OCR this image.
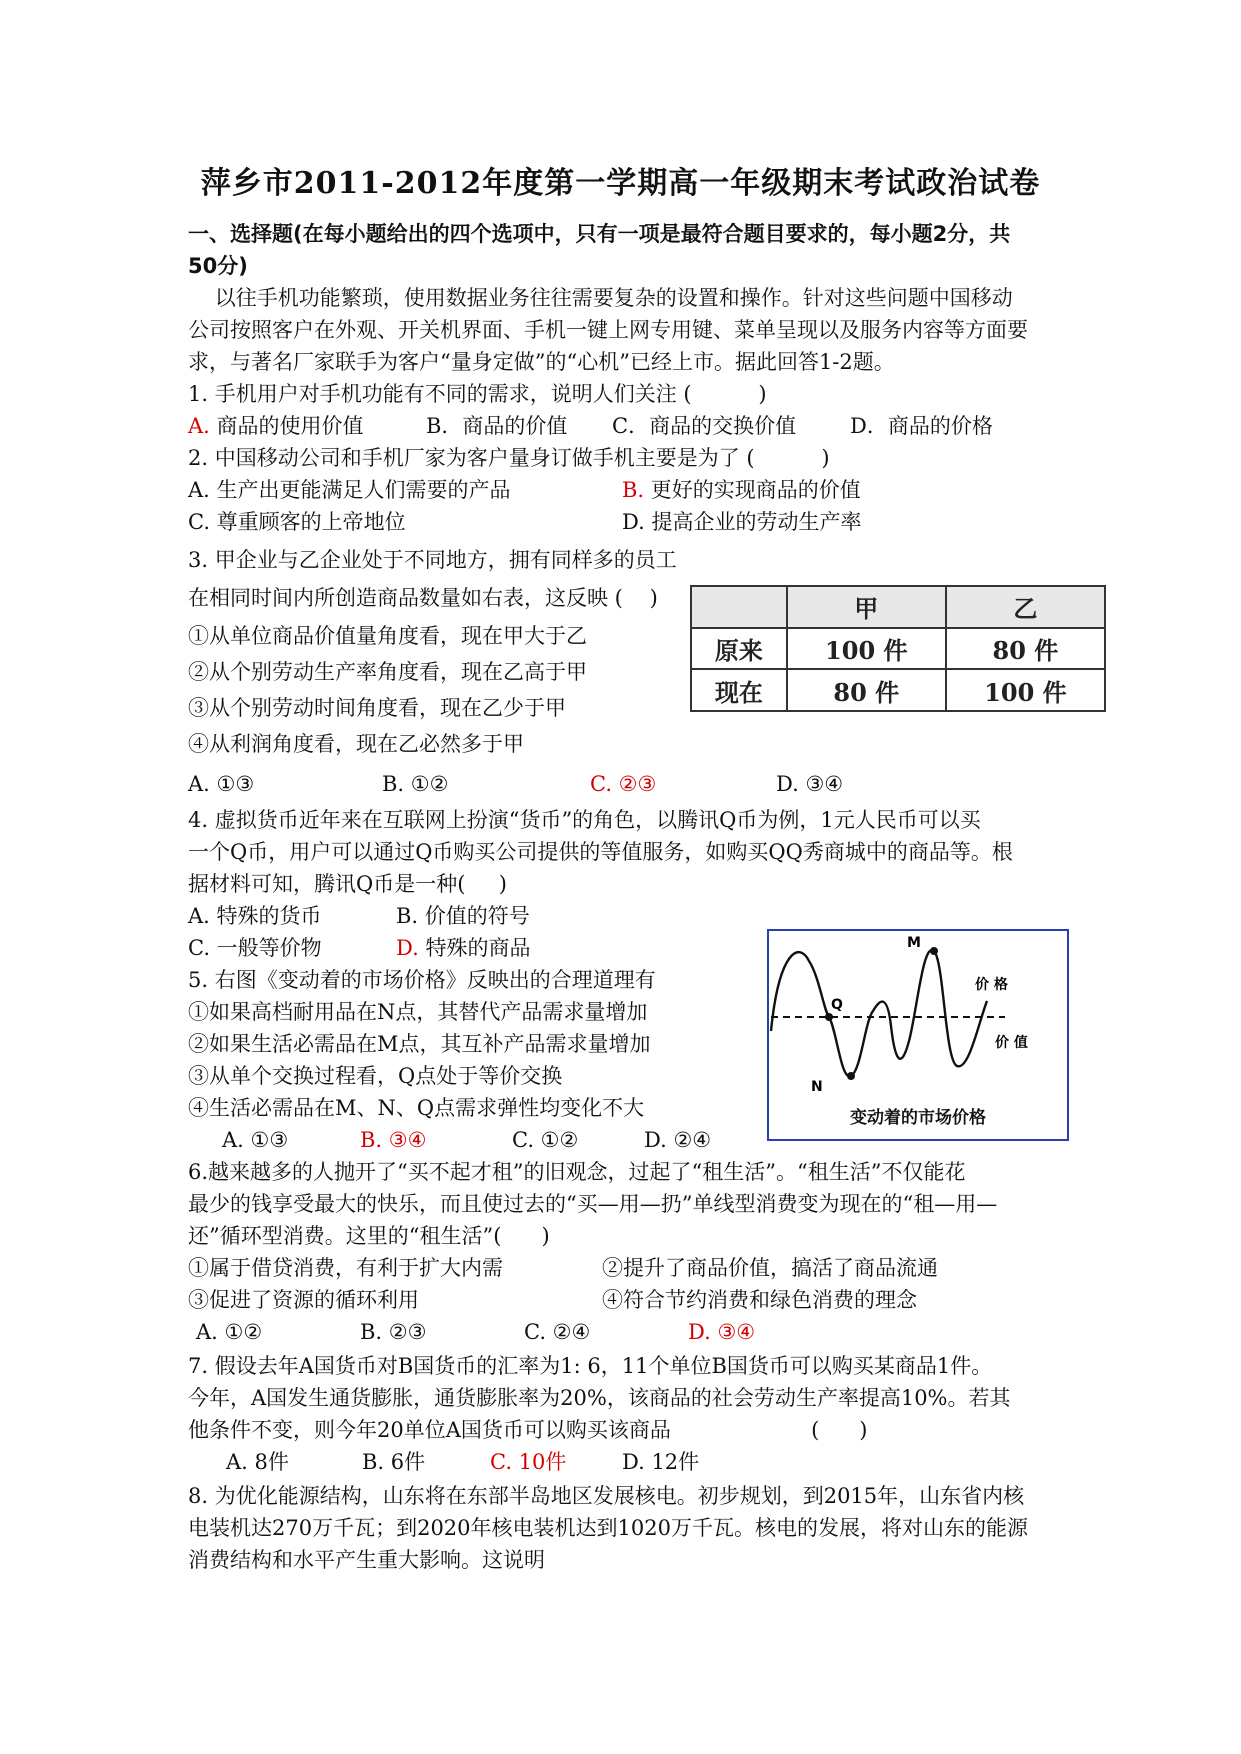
萍乡市2011-2012年度第一学期高一年级期末考试政治试卷
一、选择题(在每小题给出的四个选项中，只有一项是最符合题目要求的，每小题2分，共
50分)
以往手机功能繁琐，使用数据业务往往需要复杂的设置和操作。针对这些问题中国移动
公司按照客户在外观、开关机界面、手机一键上网专用键、菜单呈现以及服务内容等方面要
求，与著名厂家联手为客户“量身定做”的“心机”已经上市。据此回答1-2题。
1. 手机用户对手机功能有不同的需求，说明人们关注 (          )
A. 商品的使用价值	B．商品的价值 C．商品的交换价值	D．商品的价格
2. 中国移动公司和手机厂家为客户量身订做手机主要是为了 (          )
A. 生产出更能满足人们需要的产品	B. 更好的实现商品的价值
C. 尊重顾客的上帝地位	D. 提高企业的劳动生产率
3. 甲企业与乙企业处于不同地方，拥有同样多的员工
在相同时间内所创造商品数量如右表，这反映 (    )
①从单位商品价值量角度看，现在甲大于乙
②从个别劳动生产率角度看，现在乙高于甲
③从个别劳动时间角度看，现在乙少于甲
④从利润角度看，现在乙必然多于甲
A. ①③	B. ①②	C. ②③	D. ③④
	甲	乙
原来	100 件	80 件
现在	80 件	100 件
4. 虚拟货币近年来在互联网上扮演“货币”的角色，以腾讯Q币为例，1元人民币可以买
一个Q币，用户可以通过Q币购买公司提供的等值服务，如购买QQ秀商城中的商品等。根
据材料可知，腾讯Q币是一种(     )
A. 特殊的货币	B. 价值的符号
C. 一般等价物	D. 特殊的商品
5. 右图《变动着的市场价格》反映出的合理道理有
①如果高档耐用品在N点，其替代产品需求量增加
②如果生活必需品在M点，其互补产品需求量增加
③从单个交换过程看，Q点处于等价交换
④生活必需品在M、N、Q点需求弹性均变化不大
A. ①③	B. ③④	C. ①②	D. ②④
Q
N
M
价 格
价 值
变动着的市场价格
6.越来越多的人抛开了“买不起才租”的旧观念，过起了“租生活”。“租生活”不仅能花
最少的钱享受最大的快乐，而且使过去的“买—用—扔”单线型消费变为现在的“租—用—
还”循环型消费。这里的“租生活”(      )
①属于借贷消费，有利于扩大内需	②提升了商品价值，搞活了商品流通
③促进了资源的循环利用	④符合节约消费和绿色消费的理念
A. ①②	B. ②③	C. ②④	D. ③④
7. 假设去年A国货币对B国货币的汇率为1: 6，11个单位B国货币可以购买某商品1件。
今年，A国发生通货膨胀，通货膨胀率为20%，该商品的社会劳动生产率提高10%。若其
他条件不变，则今年20单位A国货币可以购买该商品                     (      )
A. 8件	B. 6件	C. 10件	D. 12件
8. 为优化能源结构，山东将在东部半岛地区发展核电。初步规划，到2015年，山东省内核
电装机达270万千瓦；到2020年核电装机达到1020万千瓦。核电的发展，将对山东的能源
消费结构和水平产生重大影响。这说明
